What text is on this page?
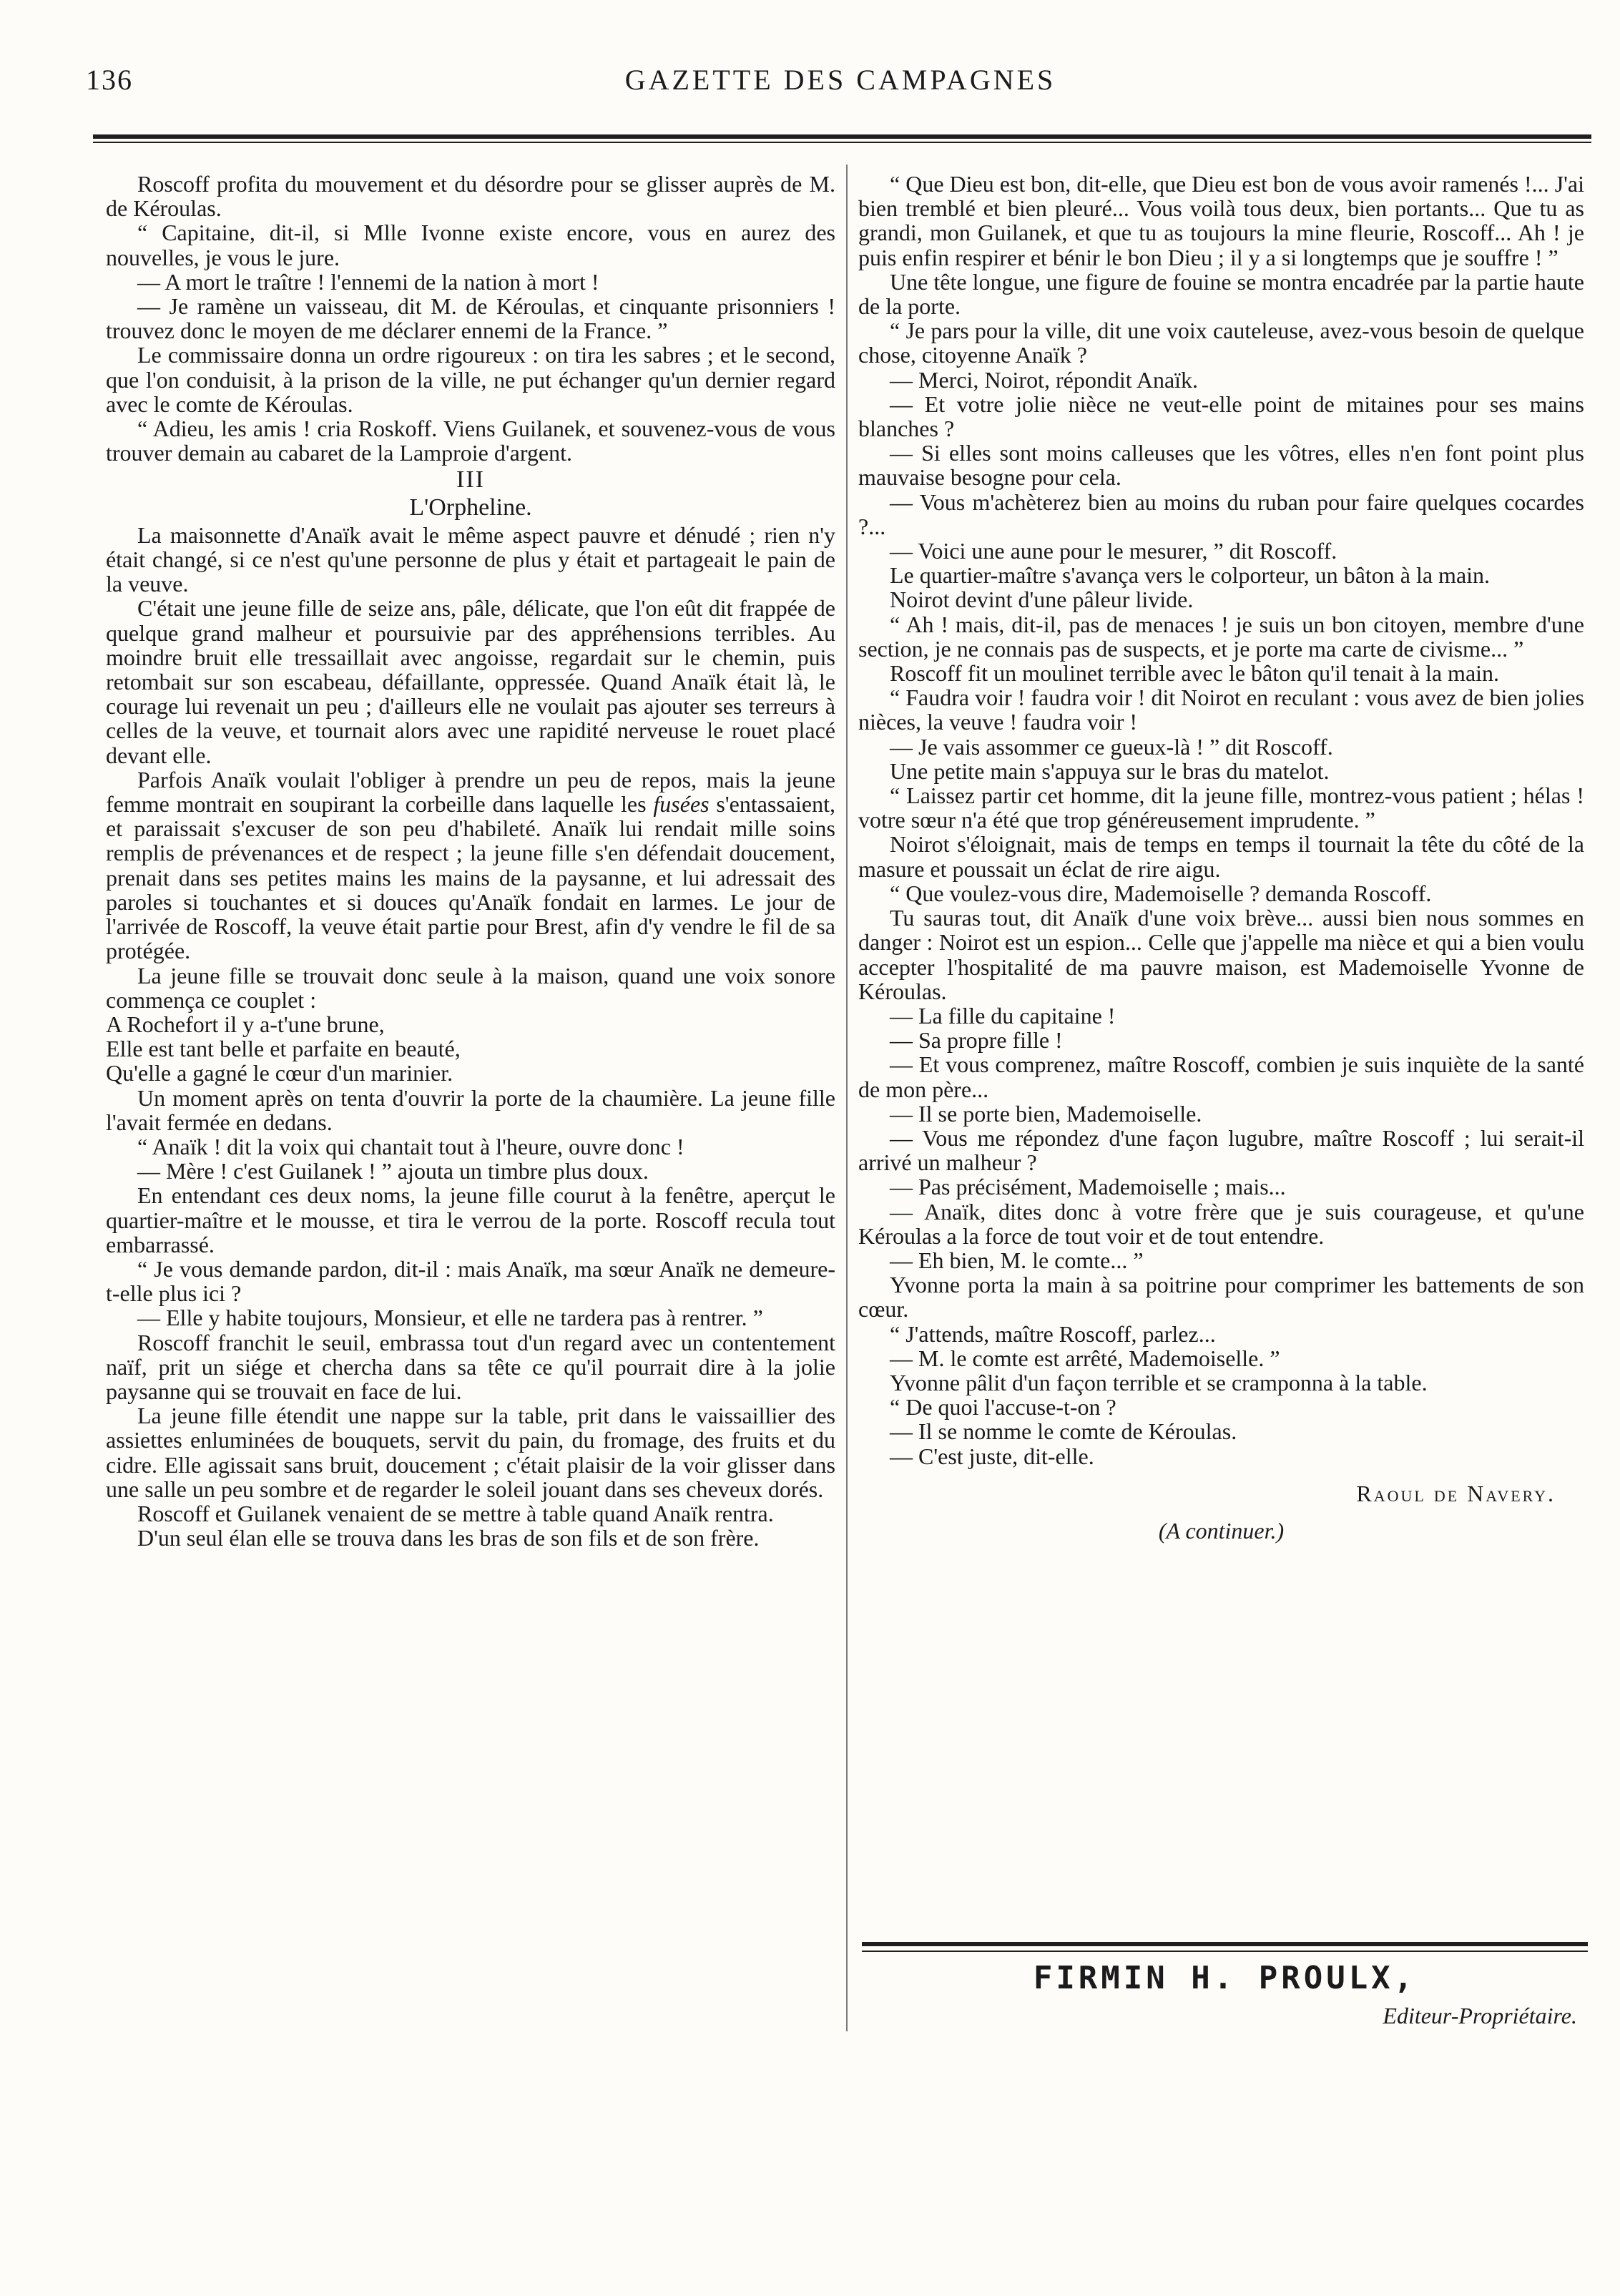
136	GAZETTE DES CAMPAGNES

Roscoff profita du mouvement et du désordre pour se glisser auprès de M. de Kéroulas.

“ Capitaine, dit-il, si Mlle Ivonne existe encore, vous en aurez des nouvelles, je vous le jure.

— A mort le traître ! l'ennemi de la nation à mort !

— Je ramène un vaisseau, dit M. de Kéroulas, et cinquante prisonniers ! trouvez donc le moyen de me déclarer ennemi de la France. ”

Le commissaire donna un ordre rigoureux : on tira les sabres ; et le second, que l'on conduisit, à la prison de la ville, ne put échanger qu'un dernier regard avec le comte de Kéroulas.

“ Adieu, les amis ! cria Roskoff. Viens Guilanek, et souvenez-vous de vous trouver demain au cabaret de la Lamproie d'argent.

III

L'Orpheline.

La maisonnette d'Anaïk avait le même aspect pauvre et dénudé ; rien n'y était changé, si ce n'est qu'une personne de plus y était et partageait le pain de la veuve.

C'était une jeune fille de seize ans, pâle, délicate, que l'on eût dit frappée de quelque grand malheur et poursuivie par des appréhensions terribles. Au moindre bruit elle tressaillait avec angoisse, regardait sur le chemin, puis retombait sur son escabeau, défaillante, oppressée. Quand Anaïk était là, le courage lui revenait un peu ; d'ailleurs elle ne voulait pas ajouter ses terreurs à celles de la veuve, et tournait alors avec une rapidité nerveuse le rouet placé devant elle.

Parfois Anaïk voulait l'obliger à prendre un peu de repos, mais la jeune femme montrait en soupirant la corbeille dans laquelle les fusées s'entassaient, et paraissait s'excuser de son peu d'habileté. Anaïk lui rendait mille soins remplis de prévenances et de respect ; la jeune fille s'en défendait doucement, prenait dans ses petites mains les mains de la paysanne, et lui adressait des paroles si touchantes et si douces qu'Anaïk fondait en larmes. Le jour de l'arrivée de Roscoff, la veuve était partie pour Brest, afin d'y vendre le fil de sa protégée.

La jeune fille se trouvait donc seule à la maison, quand une voix sonore commença ce couplet :

A Rochefort il y a-t'une brune,

Elle est tant belle et parfaite en beauté,

Qu'elle a gagné le cœur d'un marinier.

Un moment après on tenta d'ouvrir la porte de la chaumière. La jeune fille l'avait fermée en dedans.

“ Anaïk ! dit la voix qui chantait tout à l'heure, ouvre donc !

— Mère ! c'est Guilanek ! ” ajouta un timbre plus doux.

En entendant ces deux noms, la jeune fille courut à la fenêtre, aperçut le quartier-maître et le mousse, et tira le verrou de la porte. Roscoff recula tout embarrassé.

“ Je vous demande pardon, dit-il : mais Anaïk, ma sœur Anaïk ne demeure-t-elle plus ici ?

— Elle y habite toujours, Monsieur, et elle ne tardera pas à rentrer. ”

Roscoff franchit le seuil, embrassa tout d'un regard avec un contentement naïf, prit un siége et chercha dans sa tête ce qu'il pourrait dire à la jolie paysanne qui se trouvait en face de lui.

La jeune fille étendit une nappe sur la table, prit dans le vaissaillier des assiettes enluminées de bouquets, servit du pain, du fromage, des fruits et du cidre. Elle agissait sans bruit, doucement ; c'était plaisir de la voir glisser dans une salle un peu sombre et de regarder le soleil jouant dans ses cheveux dorés.

Roscoff et Guilanek venaient de se mettre à table quand Anaïk rentra.

D'un seul élan elle se trouva dans les bras de son fils et de son frère.

“ Que Dieu est bon, dit-elle, que Dieu est bon de vous avoir ramenés !... J'ai bien tremblé et bien pleuré... Vous voilà tous deux, bien portants... Que tu as grandi, mon Guilanek, et que tu as toujours la mine fleurie, Roscoff... Ah ! je puis enfin respirer et bénir le bon Dieu ; il y a si longtemps que je souffre ! ”

Une tête longue, une figure de fouine se montra encadrée par la partie haute de la porte.

“ Je pars pour la ville, dit une voix cauteleuse, avez-vous besoin de quelque chose, citoyenne Anaïk ?

— Merci, Noirot, répondit Anaïk.

— Et votre jolie nièce ne veut-elle point de mitaines pour ses mains blanches ?

— Si elles sont moins calleuses que les vôtres, elles n'en font point plus mauvaise besogne pour cela.

— Vous m'achèterez bien au moins du ruban pour faire quelques cocardes ?...

— Voici une aune pour le mesurer, ” dit Roscoff.

Le quartier-maître s'avança vers le colporteur, un bâton à la main.

Noirot devint d'une pâleur livide.

“ Ah ! mais, dit-il, pas de menaces ! je suis un bon citoyen, membre d'une section, je ne connais pas de suspects, et je porte ma carte de civisme... ”

Roscoff fit un moulinet terrible avec le bâton qu'il tenait à la main.

“ Faudra voir ! faudra voir ! dit Noirot en reculant : vous avez de bien jolies nièces, la veuve ! faudra voir !

— Je vais assommer ce gueux-là ! ” dit Roscoff.

Une petite main s'appuya sur le bras du matelot.

“ Laissez partir cet homme, dit la jeune fille, montrez-vous patient ; hélas ! votre sœur n'a été que trop généreusement imprudente. ”

Noirot s'éloignait, mais de temps en temps il tournait la tête du côté de la masure et poussait un éclat de rire aigu.

“ Que voulez-vous dire, Mademoiselle ? demanda Roscoff.

Tu sauras tout, dit Anaïk d'une voix brève... aussi bien nous sommes en danger : Noirot est un espion... Celle que j'appelle ma nièce et qui a bien voulu accepter l'hospitalité de ma pauvre maison, est Mademoiselle Yvonne de Kéroulas.

— La fille du capitaine !

— Sa propre fille !

— Et vous comprenez, maître Roscoff, combien je suis inquiète de la santé de mon père...

— Il se porte bien, Mademoiselle.

— Vous me répondez d'une façon lugubre, maître Roscoff ; lui serait-il arrivé un malheur ?

— Pas précisément, Mademoiselle ; mais...

— Anaïk, dites donc à votre frère que je suis courageuse, et qu'une Kéroulas a la force de tout voir et de tout entendre.

— Eh bien, M. le comte... ”

Yvonne porta la main à sa poitrine pour comprimer les battements de son cœur.

“ J'attends, maître Roscoff, parlez...

— M. le comte est arrêté, Mademoiselle. ”

Yvonne pâlit d'un façon terrible et se cramponna à la table.

“ De quoi l'accuse-t-on ?

— Il se nomme le comte de Kéroulas.

— C'est juste, dit-elle.

Raoul de Navery.

(A continuer.)

FIRMIN H. PROULX,
Editeur-Propriétaire.
